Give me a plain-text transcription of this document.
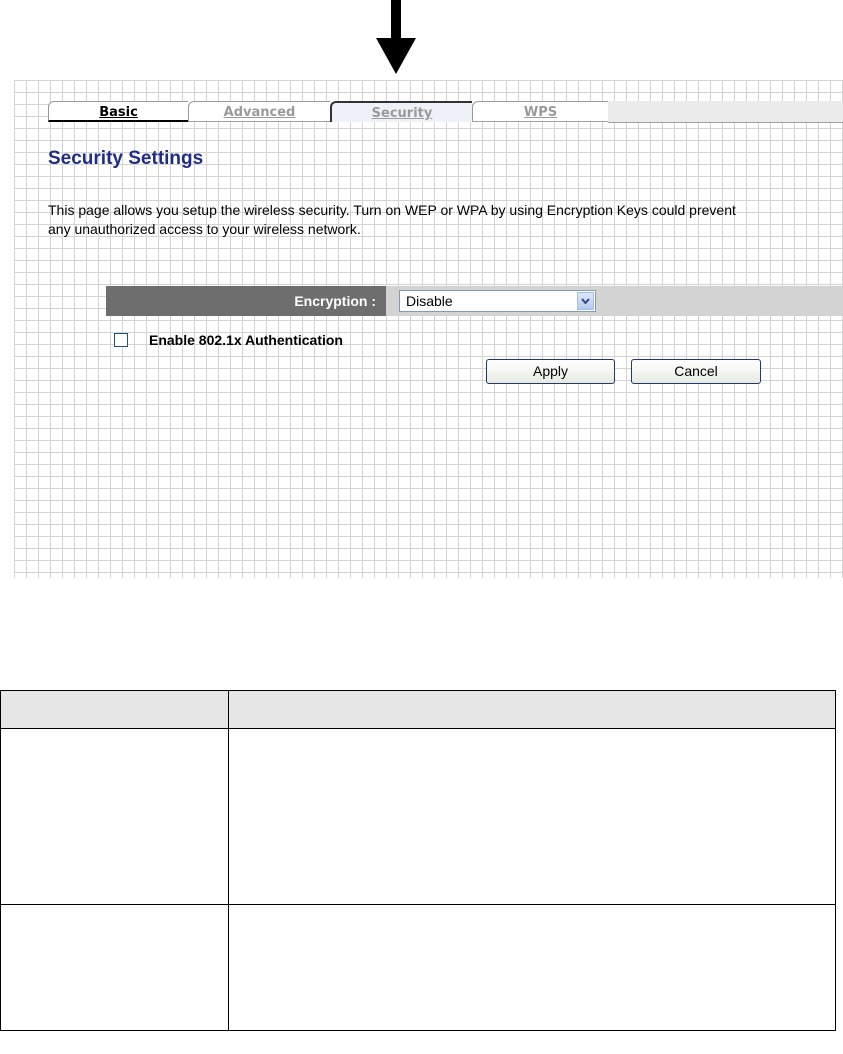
Basic	Advanced	Security	WPS
Security Settings

This page allows you setup the wireless security. Turn on WEP or WPA by using Encryption Keys could prevent any unauthorized access to your wireless network.

Encryption :	Disable
Enable 802.1x Authentication
Apply	Cancel
